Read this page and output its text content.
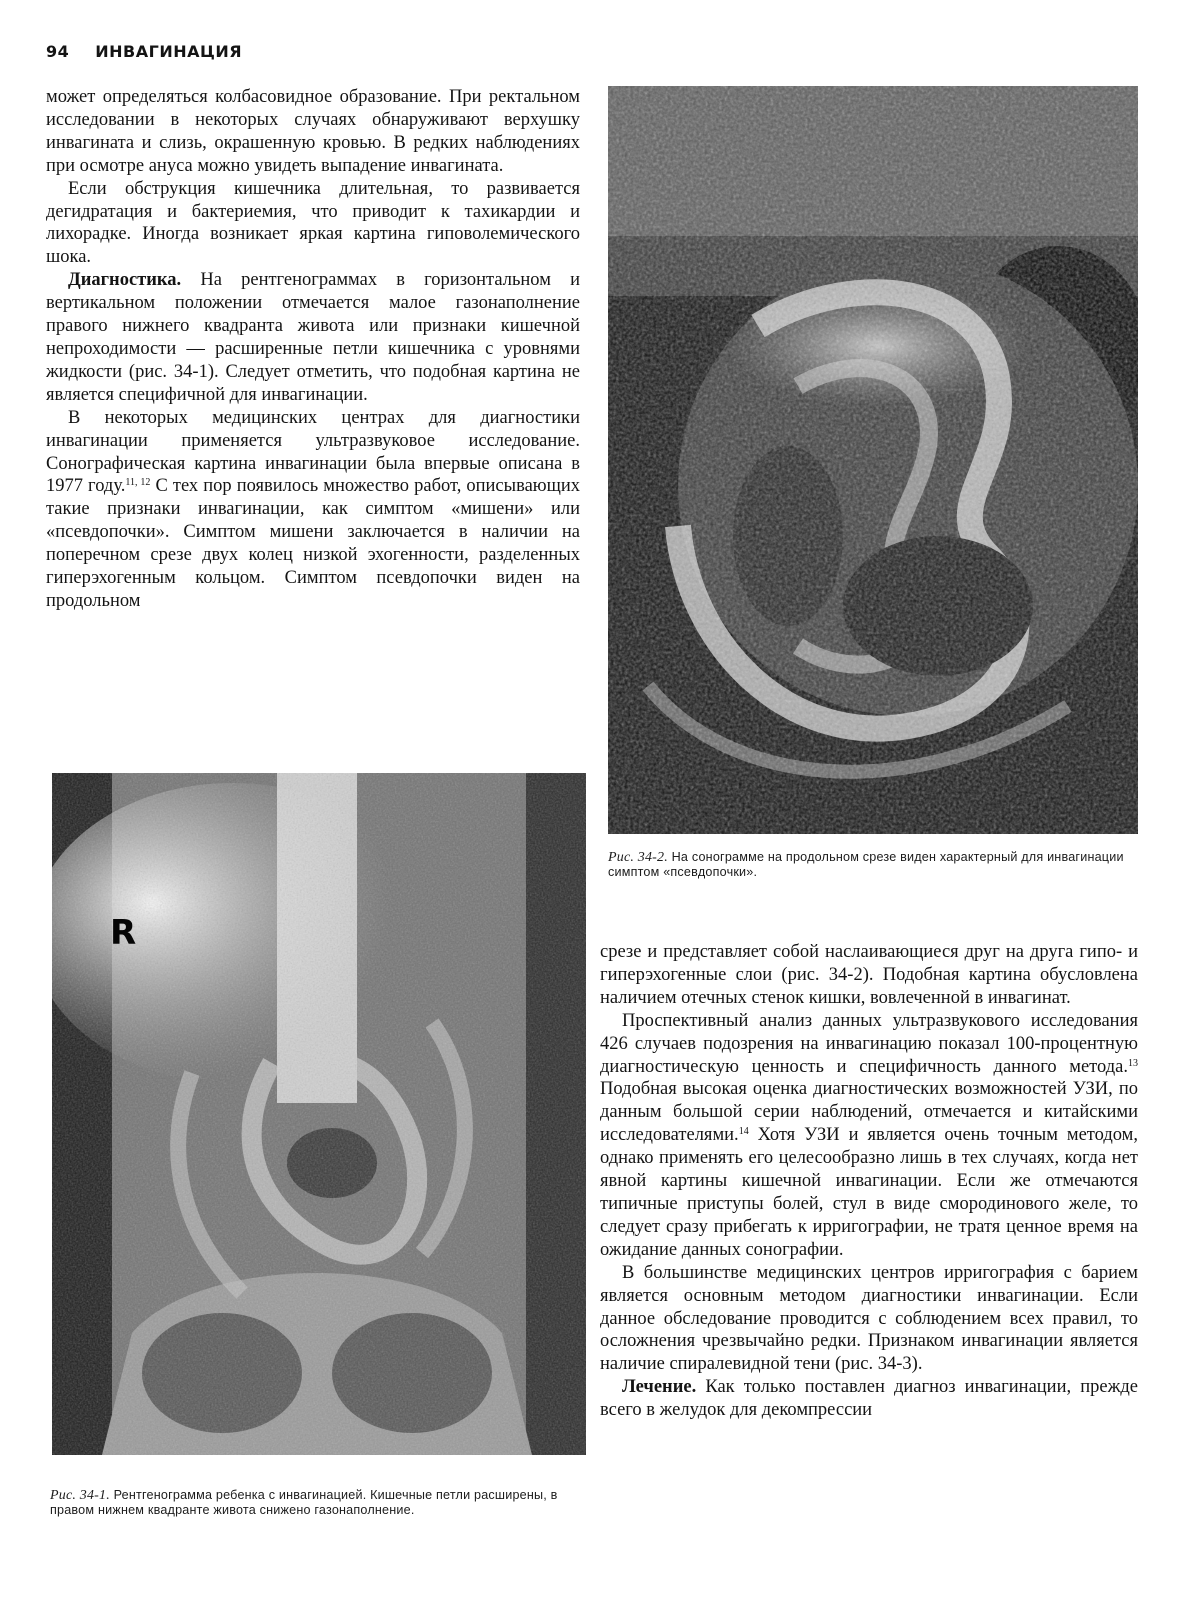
94 ИНВАГИНАЦИЯ

может определяться колбасовидное образование. При ректальном исследовании в некоторых случаях обнаруживают верхушку инвагината и слизь, окрашенную кровью. В редких наблюдениях при осмотре ануса можно увидеть выпадение инвагината.

Если обструкция кишечника длительная, то развивается дегидратация и бактериемия, что приводит к тахикардии и лихорадке. Иногда возникает яркая картина гиповолемического шока.

Диагностика. На рентгенограммах в горизонтальном и вертикальном положении отмечается малое газонаполнение правого нижнего квадранта живота или признаки кишечной непроходимости — расширенные петли кишечника с уровнями жидкости (рис. 34-1). Следует отметить, что подобная картина не является специфичной для инвагинации.

В некоторых медицинских центрах для диагностики инвагинации применяется ультразвуковое исследование. Сонографическая картина инвагинации была впервые описана в 1977 году.$^{11, 12}$ С тех пор появилось множество работ, описывающих такие признаки инвагинации, как симптом «мишени» или «псевдопочки». Симптом мишени заключается в наличии на поперечном срезе двух колец низкой эхогенности, разделенных гиперэхогенным кольцом. Симптом псевдопочки виден на продольном

Рис. 34-2. На сонограмме на продольном срезе виден характерный для инвагинации симптом «псевдопочки».
R
Рис. 34-1. Рентгенограмма ребенка с инвагинацией. Кишечные петли расширены, в правом нижнем квадранте живота снижено газонаполнение.

срезе и представляет собой наслаивающиеся друг на друга гипо- и гиперэхогенные слои (рис. 34-2). Подобная картина обусловлена наличием отечных стенок кишки, вовлеченной в инвагинат.

Проспективный анализ данных ультразвукового исследования 426 случаев подозрения на инвагинацию показал 100-процентную диагностическую ценность и специфичность данного метода.$^{13}$ Подобная высокая оценка диагностических возможностей УЗИ, по данным большой серии наблюдений, отмечается и китайскими исследователями.$^{14}$ Хотя УЗИ и является очень точным методом, однако применять его целесообразно лишь в тех случаях, когда нет явной картины кишечной инвагинации. Если же отмечаются типичные приступы болей, стул в виде смородинового желе, то следует сразу прибегать к ирригографии, не тратя ценное время на ожидание данных сонографии.

В большинстве медицинских центров ирригография с барием является основным методом диагностики инвагинации. Если данное обследование проводится с соблюдением всех правил, то осложнения чрезвычайно редки. Признаком инвагинации является наличие спиралевидной тени (рис. 34-3).

Лечение. Как только поставлен диагноз инвагинации, прежде всего в желудок для декомпрессии
